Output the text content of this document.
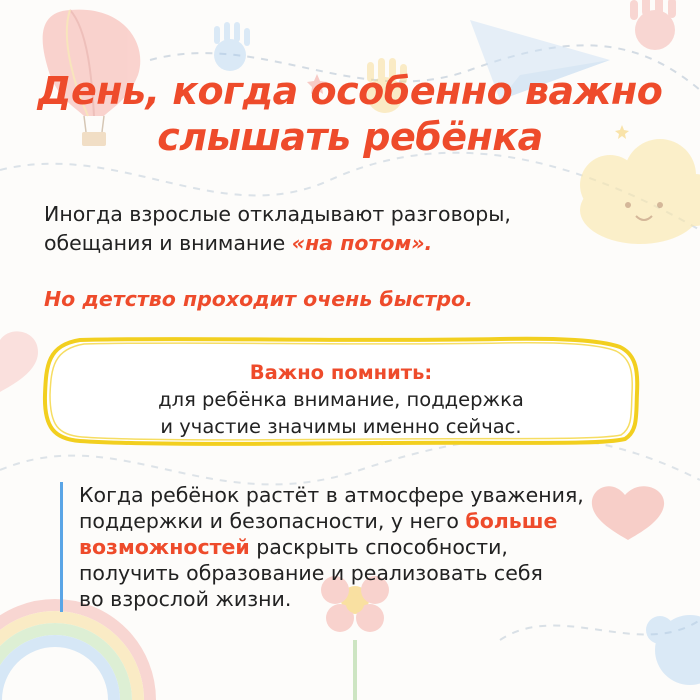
День, когда особенно важно
слышать ребёнка
Иногда взрослые откладывают разговоры,
обещания и внимание «на потом».
Но детство проходит очень быстро.
Важно помнить:
для ребёнка внимание, поддержка
и участие значимы именно сейчас.
Когда ребёнок растёт в атмосфере уважения,
поддержки и безопасности, у него больше
возможностей раскрыть способности,
получить образование и реализовать себя
во взрослой жизни.
